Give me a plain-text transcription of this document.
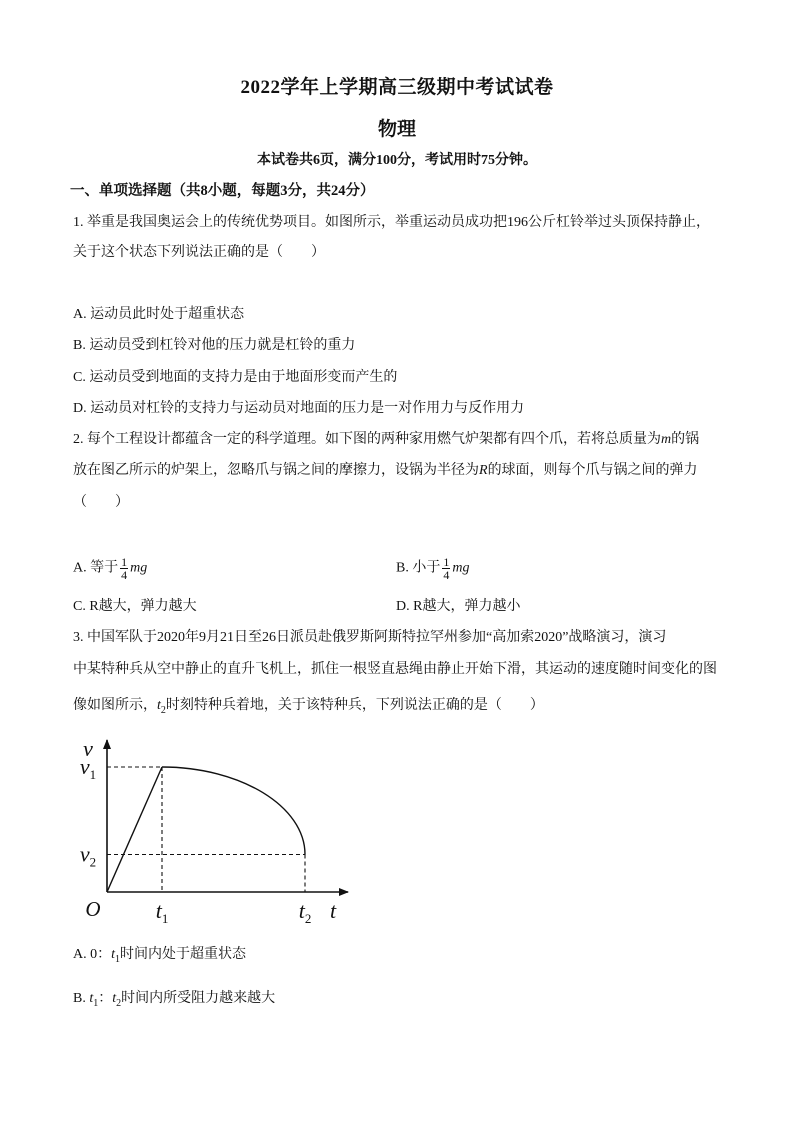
2022学年上学期高三级期中考试试卷
物理
本试卷共6页，满分100分，考试用时75分钟。
一、单项选择题（共8小题，每题3分，共24分）
1. 举重是我国奥运会上的传统优势项目。如图所示，举重运动员成功把196公斤杠铃举过头顶保持静止，
关于这个状态下列说法正确的是（　　）
A. 运动员此时处于超重状态
B. 运动员受到杠铃对他的压力就是杠铃的重力
C. 运动员受到地面的支持力是由于地面形变而产生的
D. 运动员对杠铃的支持力与运动员对地面的压力是一对作用力与反作用力
2. 每个工程设计都蕴含一定的科学道理。如下图的两种家用燃气炉架都有四个爪，若将总质量为m的锅
放在图乙所示的炉架上，忽略爪与锅之间的摩擦力，设锅为半径为R的球面，则每个爪与锅之间的弹力
（　　）
A. 等于 $\frac{1}{4}$ mg	B. 小于 $\frac{1}{4}$ mg
C. R越大，弹力越大	D. R越大，弹力越小
3. 中国军队于2020年9月21日至26日派员赴俄罗斯阿斯特拉罕州参加“高加索2020”战略演习，演习
中某特种兵从空中静止的直升飞机上，抓住一根竖直悬绳由静止开始下滑，其运动的速度随时间变化的图
像如图所示，$t_2$时刻特种兵着地，关于该特种兵，下列说法正确的是（　　）
v
t
O
$v_1$
$v_2$
$t_1$	$t_2$
A. 0：$t_1$时间内处于超重状态
B. $t_1$：$t_2$时间内所受阻力越来越大
